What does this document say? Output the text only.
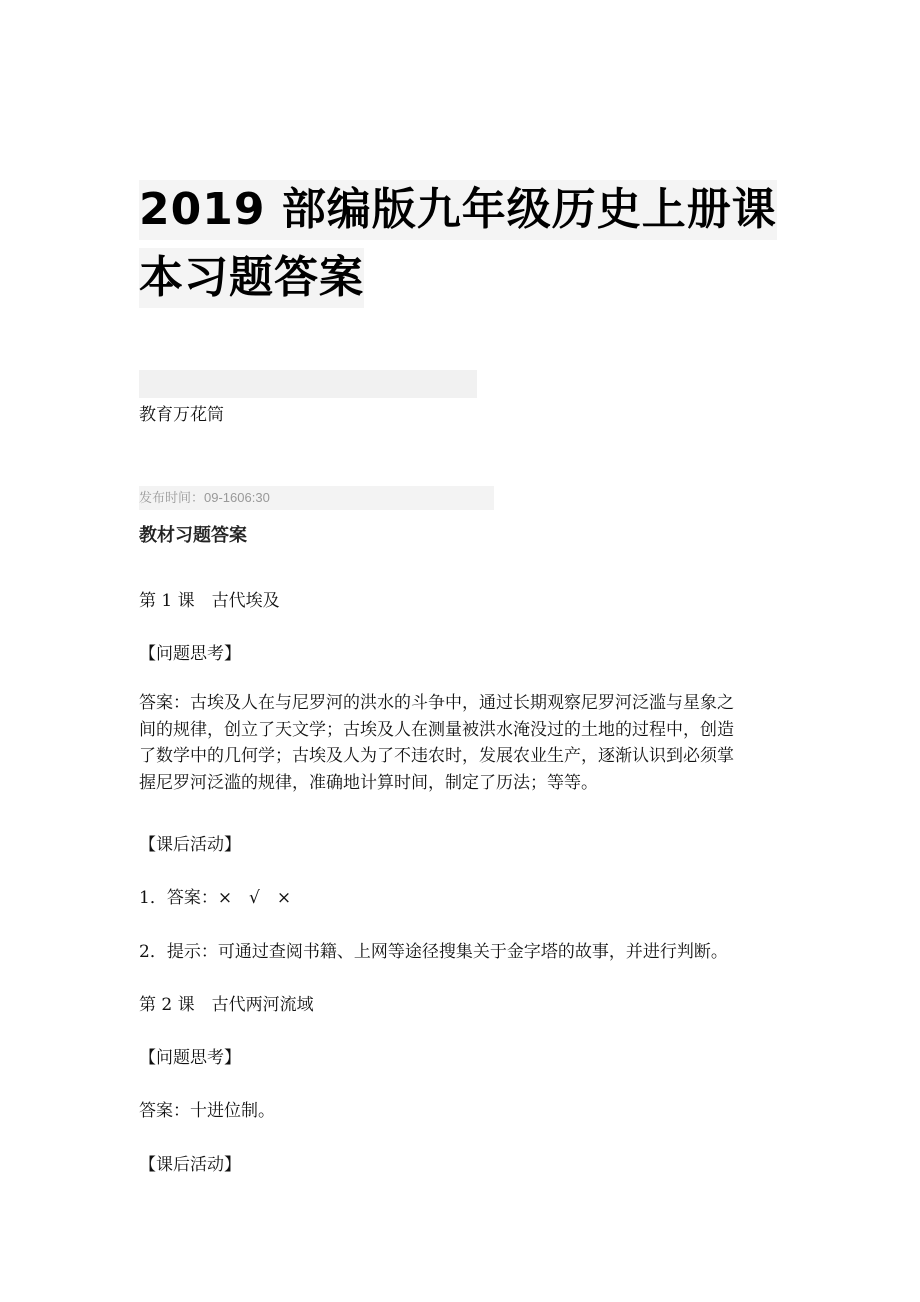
2019 部编版九年级历史上册课
本习题答案
教育万花筒
发布时间：09-1606:30
教材习题答案
第 1 课　古代埃及
【问题思考】
答案：古埃及人在与尼罗河的洪水的斗争中，通过长期观察尼罗河泛滥与星象之
间的规律，创立了天文学；古埃及人在测量被洪水淹没过的土地的过程中，创造
了数学中的几何学；古埃及人为了不违农时，发展农业生产，逐渐认识到必须掌
握尼罗河泛滥的规律，准确地计算时间，制定了历法；等等。
【课后活动】
1．答案：×　√　×
2．提示：可通过查阅书籍、上网等途径搜集关于金字塔的故事，并进行判断。
第 2 课　古代两河流域
【问题思考】
答案：十进位制。
【课后活动】
